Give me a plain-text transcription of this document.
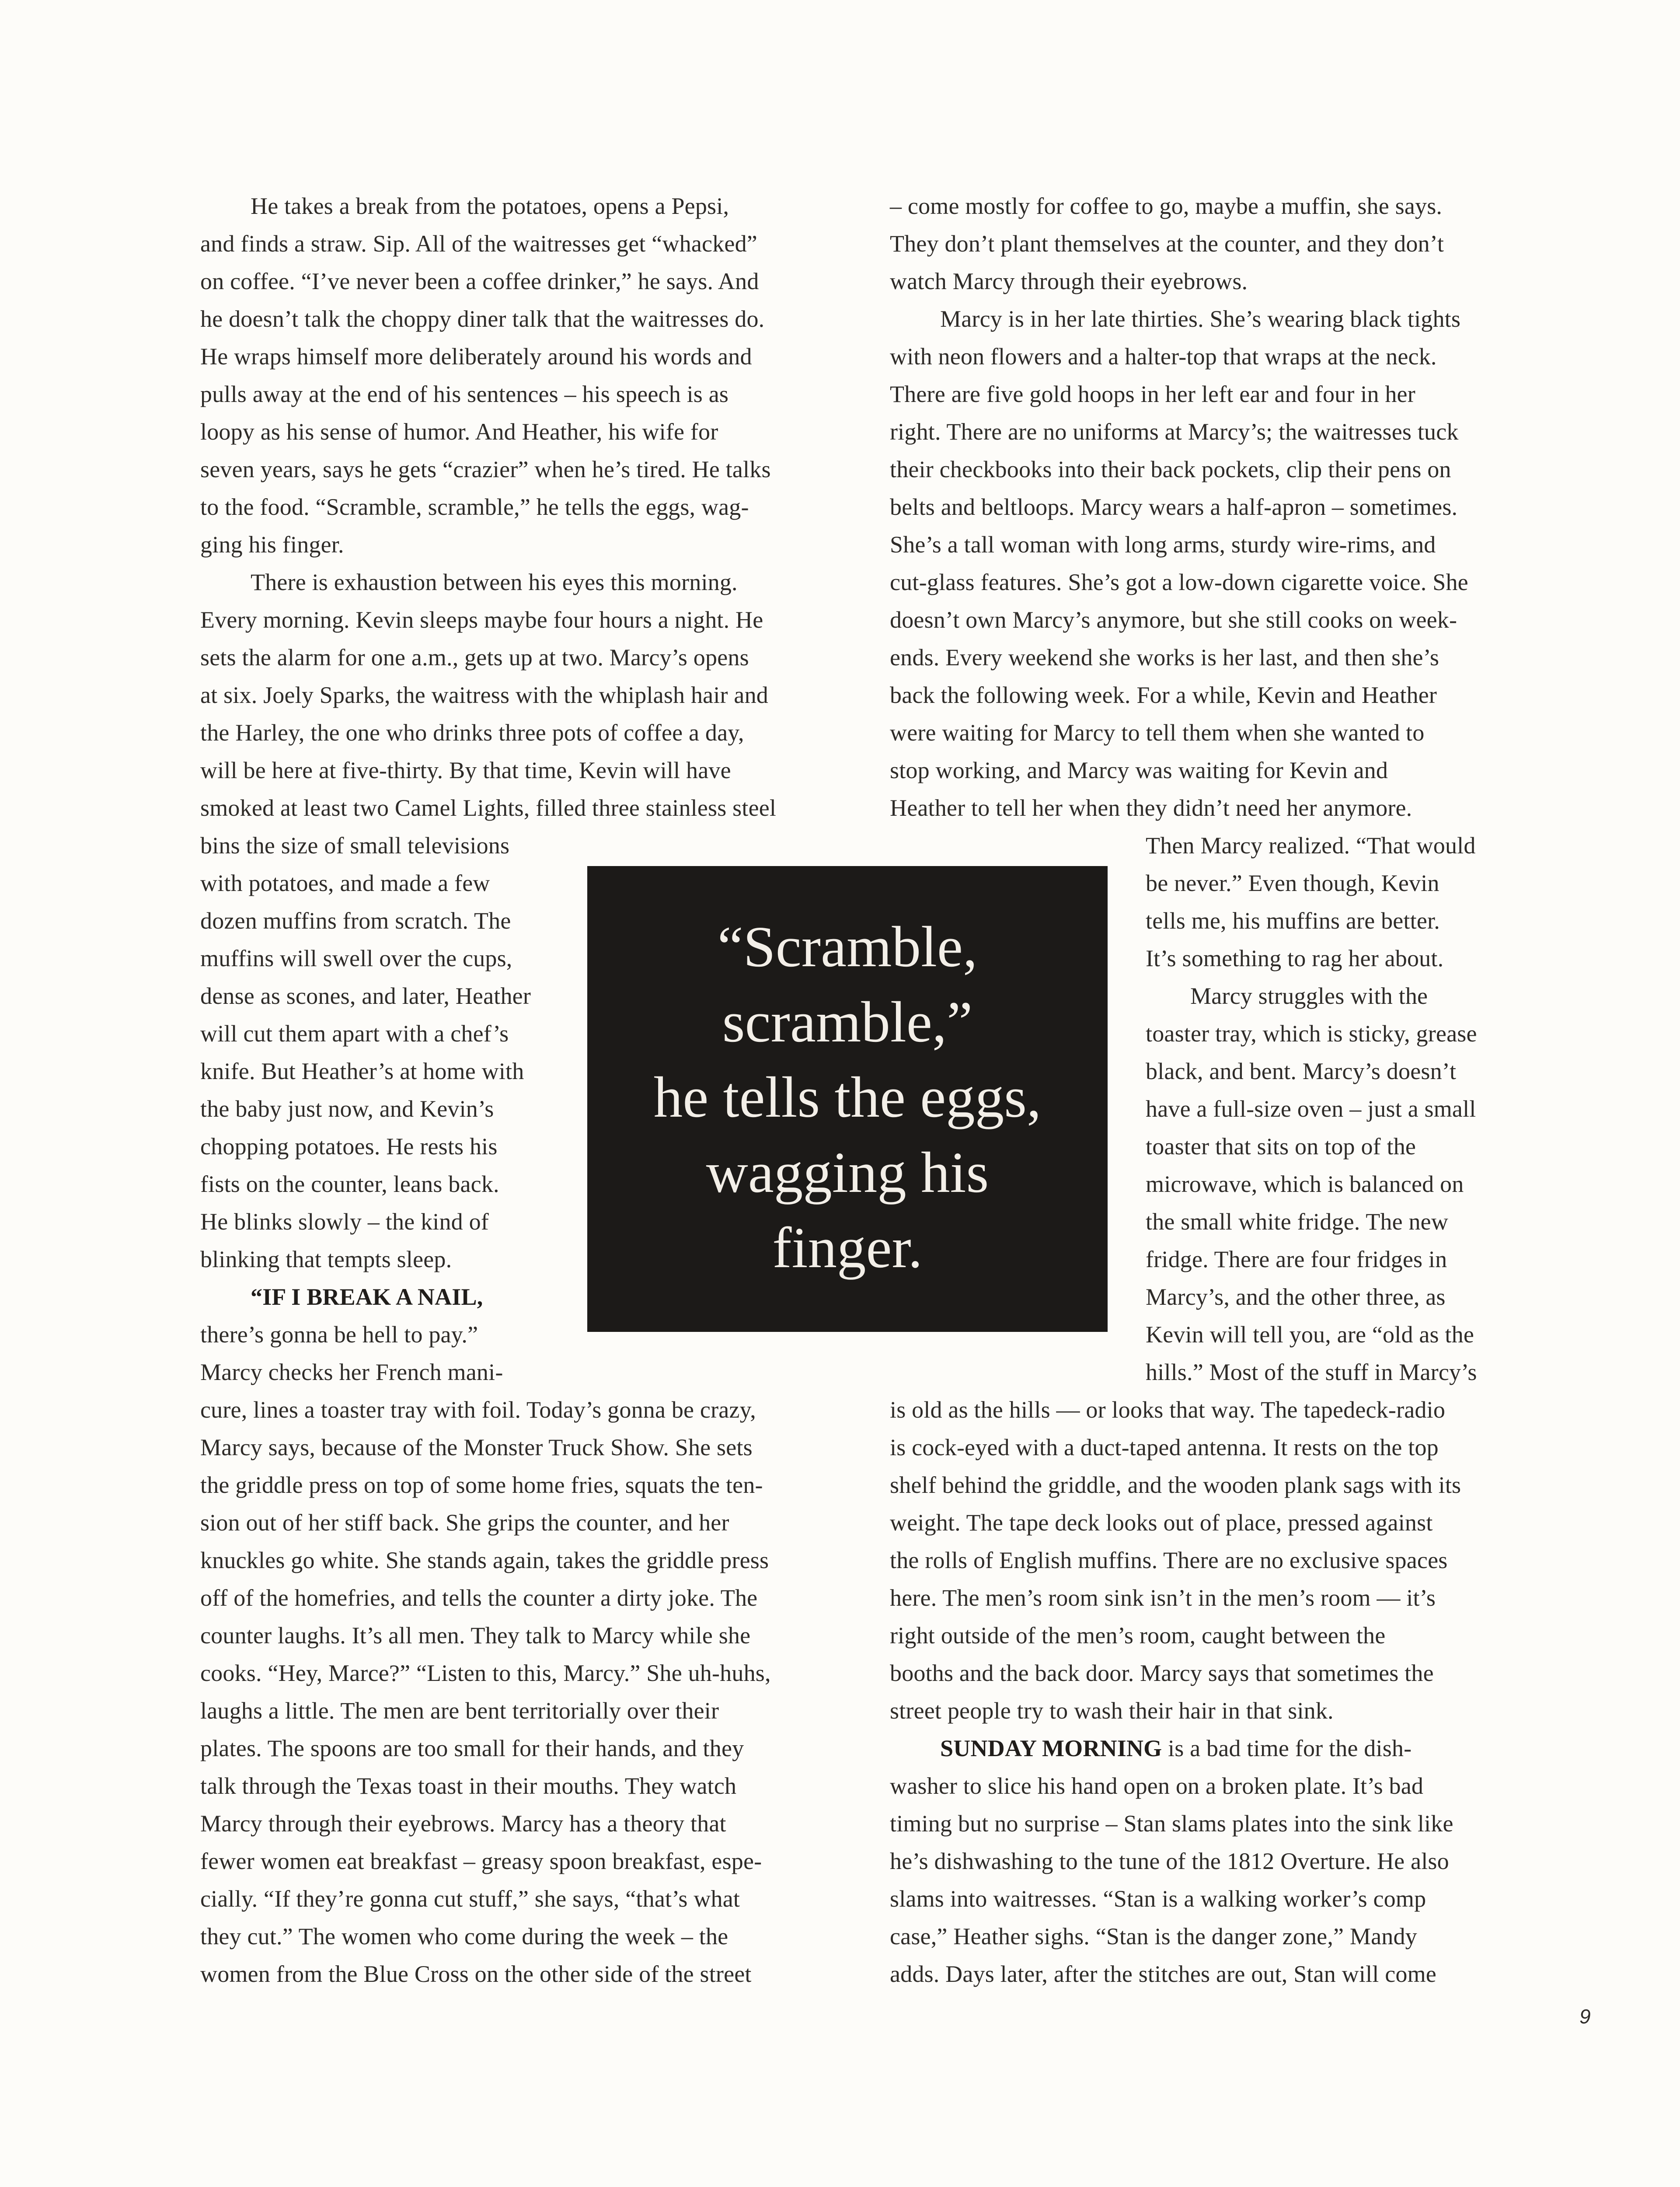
He takes a break from the potatoes, opens a Pepsi,
and finds a straw. Sip. All of the waitresses get “whacked”
on coffee. “I’ve never been a coffee drinker,” he says. And
he doesn’t talk the choppy diner talk that the waitresses do.
He wraps himself more deliberately around his words and
pulls away at the end of his sentences – his speech is as
loopy as his sense of humor. And Heather, his wife for
seven years, says he gets “crazier” when he’s tired. He talks
to the food. “Scramble, scramble,” he tells the eggs, wag-
ging his finger.
There is exhaustion between his eyes this morning.
Every morning. Kevin sleeps maybe four hours a night. He
sets the alarm for one a.m., gets up at two. Marcy’s opens
at six. Joely Sparks, the waitress with the whiplash hair and
the Harley, the one who drinks three pots of coffee a day,
will be here at five-thirty. By that time, Kevin will have
smoked at least two Camel Lights, filled three stainless steel
bins the size of small televisions
with potatoes, and made a few
dozen muffins from scratch. The
muffins will swell over the cups,
dense as scones, and later, Heather
will cut them apart with a chef’s
knife. But Heather’s at home with
the baby just now, and Kevin’s
chopping potatoes. He rests his
fists on the counter, leans back.
He blinks slowly – the kind of
blinking that tempts sleep.
“IF I BREAK A NAIL,
there’s gonna be hell to pay.”
Marcy checks her French mani-
cure, lines a toaster tray with foil. Today’s gonna be crazy,
Marcy says, because of the Monster Truck Show. She sets
the griddle press on top of some home fries, squats the ten-
sion out of her stiff back. She grips the counter, and her
knuckles go white. She stands again, takes the griddle press
off of the homefries, and tells the counter a dirty joke. The
counter laughs. It’s all men. They talk to Marcy while she
cooks. “Hey, Marce?” “Listen to this, Marcy.” She uh-huhs,
laughs a little. The men are bent territorially over their
plates. The spoons are too small for their hands, and they
talk through the Texas toast in their mouths. They watch
Marcy through their eyebrows. Marcy has a theory that
fewer women eat breakfast – greasy spoon breakfast, espe-
cially. “If they’re gonna cut stuff,” she says, “that’s what
they cut.” The women who come during the week – the
women from the Blue Cross on the other side of the street
“Scramble,
scramble,”
he tells the eggs,
wagging his
finger.
– come mostly for coffee to go, maybe a muffin, she says.
They don’t plant themselves at the counter, and they don’t
watch Marcy through their eyebrows.
Marcy is in her late thirties. She’s wearing black tights
with neon flowers and a halter-top that wraps at the neck.
There are five gold hoops in her left ear and four in her
right. There are no uniforms at Marcy’s; the waitresses tuck
their checkbooks into their back pockets, clip their pens on
belts and beltloops. Marcy wears a half-apron – sometimes.
She’s a tall woman with long arms, sturdy wire-rims, and
cut-glass features. She’s got a low-down cigarette voice. She
doesn’t own Marcy’s anymore, but she still cooks on week-
ends. Every weekend she works is her last, and then she’s
back the following week. For a while, Kevin and Heather
were waiting for Marcy to tell them when she wanted to
stop working, and Marcy was waiting for Kevin and
Heather to tell her when they didn’t need her anymore.
Then Marcy realized. “That would
be never.” Even though, Kevin
tells me, his muffins are better.
It’s something to rag her about.
Marcy struggles with the
toaster tray, which is sticky, grease
black, and bent. Marcy’s doesn’t
have a full-size oven – just a small
toaster that sits on top of the
microwave, which is balanced on
the small white fridge. The new
fridge. There are four fridges in
Marcy’s, and the other three, as
Kevin will tell you, are “old as the
hills.” Most of the stuff in Marcy’s
is old as the hills — or looks that way. The tapedeck-radio
is cock-eyed with a duct-taped antenna. It rests on the top
shelf behind the griddle, and the wooden plank sags with its
weight. The tape deck looks out of place, pressed against
the rolls of English muffins. There are no exclusive spaces
here. The men’s room sink isn’t in the men’s room — it’s
right outside of the men’s room, caught between the
booths and the back door. Marcy says that sometimes the
street people try to wash their hair in that sink.
SUNDAY MORNING is a bad time for the dish-
washer to slice his hand open on a broken plate. It’s bad
timing but no surprise – Stan slams plates into the sink like
he’s dishwashing to the tune of the 1812 Overture. He also
slams into waitresses. “Stan is a walking worker’s comp
case,” Heather sighs. “Stan is the danger zone,” Mandy
adds. Days later, after the stitches are out, Stan will come
9
